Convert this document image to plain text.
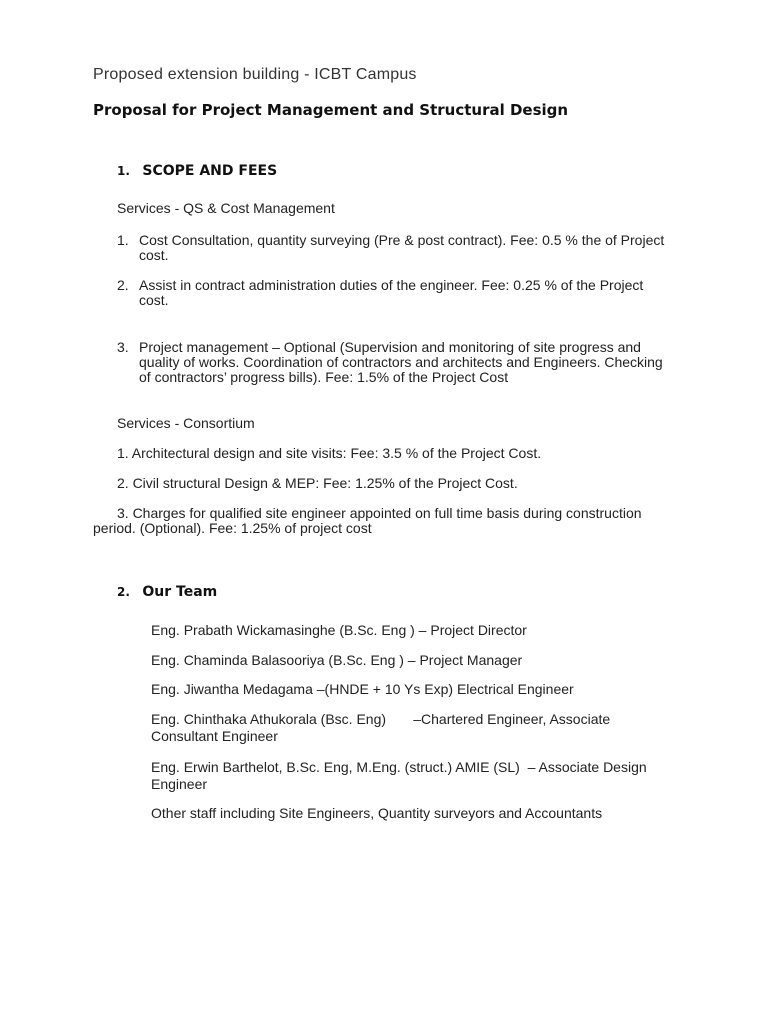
Proposed extension building - ICBT Campus
Proposal for Project Management and Structural Design
1. SCOPE AND FEES
Services - QS & Cost Management
1. Cost Consultation, quantity surveying (Pre & post contract). Fee: 0.5 % the of Project
cost.
2. Assist in contract administration duties of the engineer. Fee: 0.25 % of the Project
cost.
3. Project management – Optional (Supervision and monitoring of site progress and
quality of works. Coordination of contractors and architects and Engineers. Checking
of contractors’ progress bills). Fee: 1.5% of the Project Cost
Services - Consortium
1. Architectural design and site visits: Fee: 3.5 % of the Project Cost.
2. Civil structural Design & MEP: Fee: 1.25% of the Project Cost.
3. Charges for qualified site engineer appointed on full time basis during construction
period. (Optional). Fee: 1.25% of project cost
2. Our Team
Eng. Prabath Wickamasinghe (B.Sc. Eng ) – Project Director
Eng. Chaminda Balasooriya (B.Sc. Eng ) – Project Manager
Eng. Jiwantha Medagama –(HNDE + 10 Ys Exp) Electrical Engineer
Eng. Chinthaka Athukorala (Bsc. Eng)       –Chartered Engineer, Associate
Consultant Engineer
Eng. Erwin Barthelot, B.Sc. Eng, M.Eng. (struct.) AMIE (SL)  – Associate Design
Engineer
Other staff including Site Engineers, Quantity surveyors and Accountants
